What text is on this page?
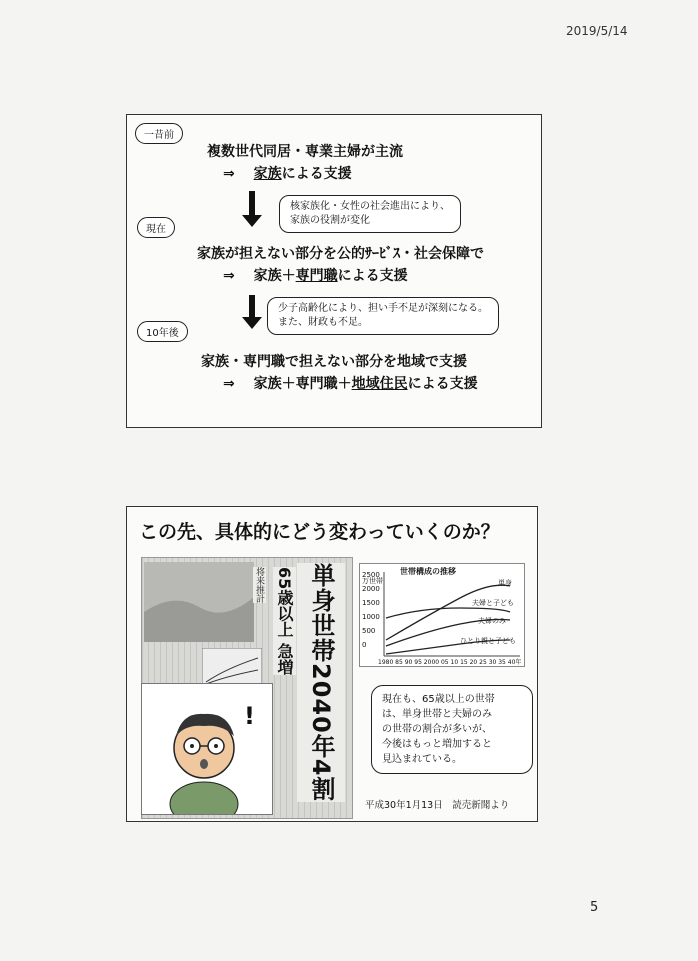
2019/5/14
一昔前
複数世代同居・専業主婦が主流
⇒ 家族による支援
核家族化・女性の社会進出により、
家族の役割が変化
現在
家族が担えない部分を公的ｻｰﾋﾞｽ・社会保障で
⇒ 家族＋専門職による支援
少子高齢化により、担い手不足が深刻になる。
また、財政も不足。
10年後
家族・専門職で担えない部分を地域で支援
⇒ 家族＋専門職＋地域住民による支援
この先、具体的にどう変わっていくのか？
将来推計 65歳以上 急増 単身世帯2040年4割
!
世帯構成の推移
万世帯
2500
2000
1500
1000
500
0
単身
夫婦と子ども
夫婦のみ
ひとり親と子ども
1980 85 90 95 2000 05 10 15 20 25 30 35 40年
現在も、65歳以上の世帯
は、単身世帯と夫婦のみ
の世帯の割合が多いが、
今後はもっと増加すると
見込まれている。
平成30年1月13日　読売新聞より
5
